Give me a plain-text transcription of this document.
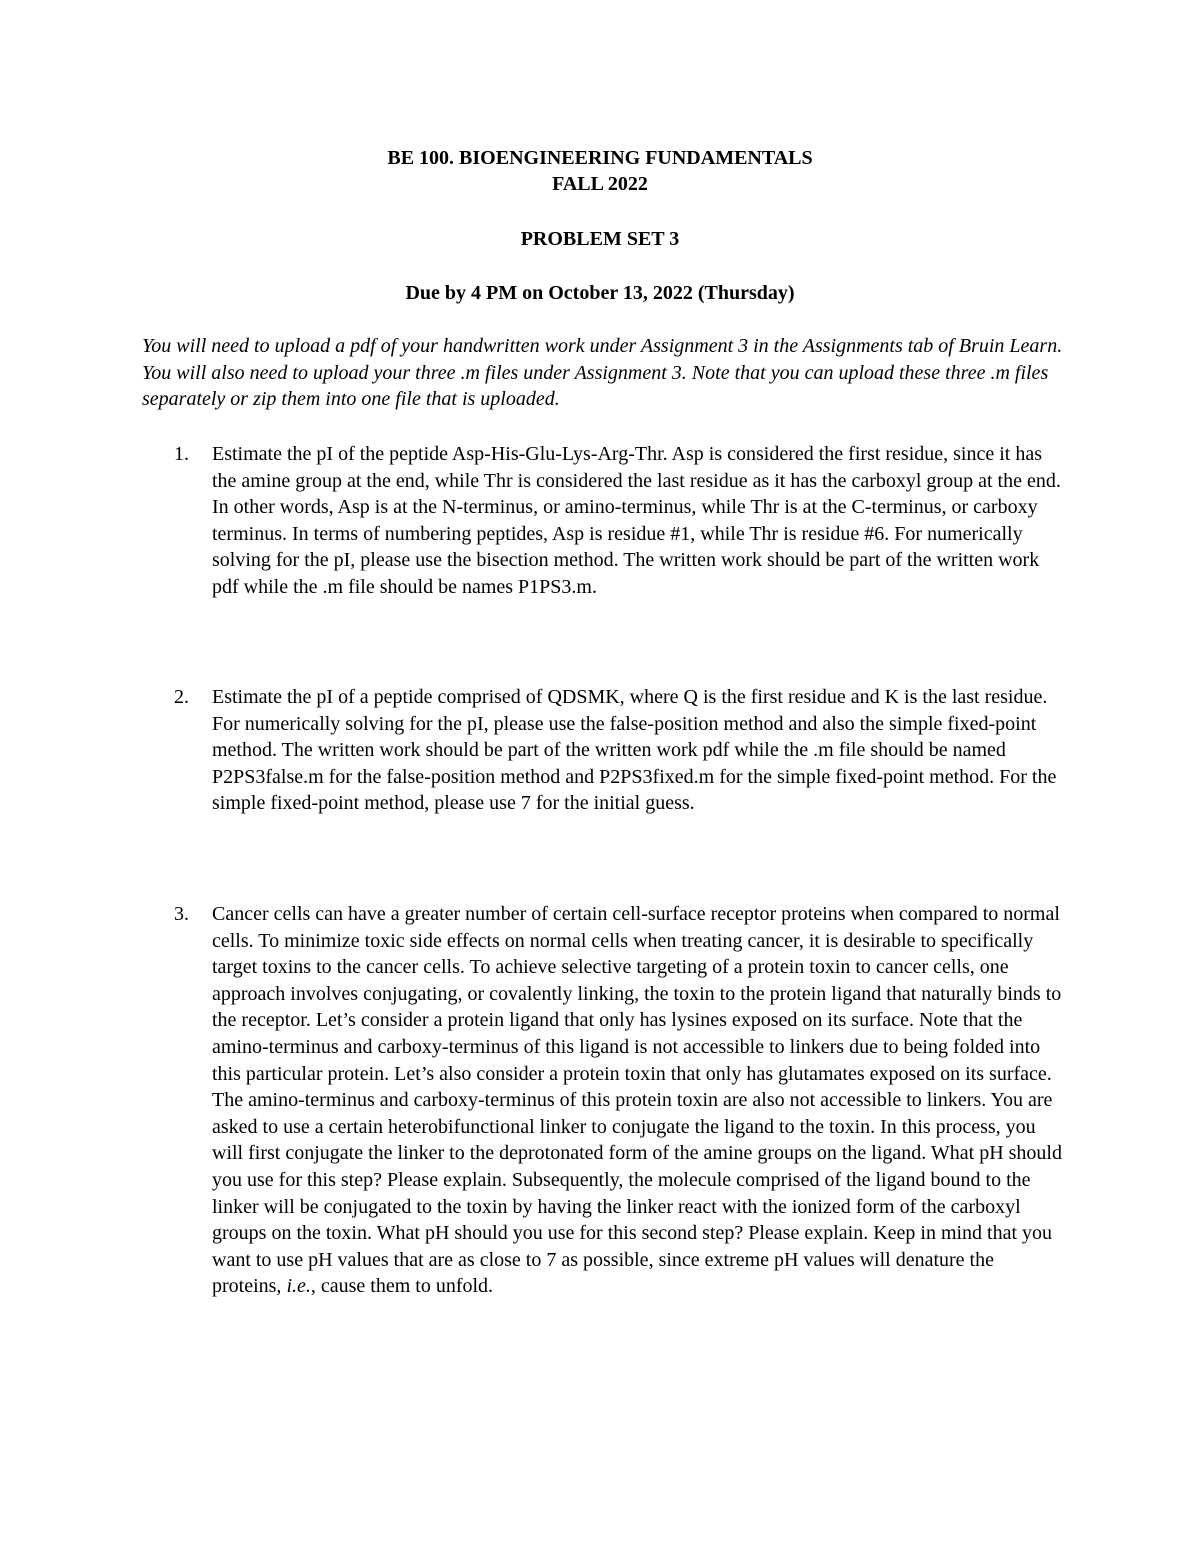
BE 100. BIOENGINEERING FUNDAMENTALS
FALL 2022
PROBLEM SET 3
Due by 4 PM on October 13, 2022 (Thursday)
You will need to upload a pdf of your handwritten work under Assignment 3 in the Assignments tab of Bruin Learn. You will also need to upload your three .m files under Assignment 3. Note that you can upload these three .m files separately or zip them into one file that is uploaded.
1.	Estimate the pI of the peptide Asp-His-Glu-Lys-Arg-Thr. Asp is considered the first residue, since it has the amine group at the end, while Thr is considered the last residue as it has the carboxyl group at the end. In other words, Asp is at the N-terminus, or amino-terminus, while Thr is at the C-terminus, or carboxy terminus. In terms of numbering peptides, Asp is residue #1, while Thr is residue #6. For numerically solving for the pI, please use the bisection method. The written work should be part of the written work pdf while the .m file should be names P1PS3.m.
2.	Estimate the pI of a peptide comprised of QDSMK, where Q is the first residue and K is the last residue. For numerically solving for the pI, please use the false-position method and also the simple fixed-point method. The written work should be part of the written work pdf while the .m file should be named P2PS3false.m for the false-position method and P2PS3fixed.m for the simple fixed-point method. For the simple fixed-point method, please use 7 for the initial guess.
3.	Cancer cells can have a greater number of certain cell-surface receptor proteins when compared to normal cells. To minimize toxic side effects on normal cells when treating cancer, it is desirable to specifically target toxins to the cancer cells. To achieve selective targeting of a protein toxin to cancer cells, one approach involves conjugating, or covalently linking, the toxin to the protein ligand that naturally binds to the receptor. Let’s consider a protein ligand that only has lysines exposed on its surface. Note that the amino-terminus and carboxy-terminus of this ligand is not accessible to linkers due to being folded into this particular protein. Let’s also consider a protein toxin that only has glutamates exposed on its surface. The amino-terminus and carboxy-terminus of this protein toxin are also not accessible to linkers. You are asked to use a certain heterobifunctional linker to conjugate the ligand to the toxin. In this process, you will first conjugate the linker to the deprotonated form of the amine groups on the ligand. What pH should you use for this step? Please explain. Subsequently, the molecule comprised of the ligand bound to the linker will be conjugated to the toxin by having the linker react with the ionized form of the carboxyl groups on the toxin. What pH should you use for this second step? Please explain. Keep in mind that you want to use pH values that are as close to 7 as possible, since extreme pH values will denature the proteins, i.e., cause them to unfold.
